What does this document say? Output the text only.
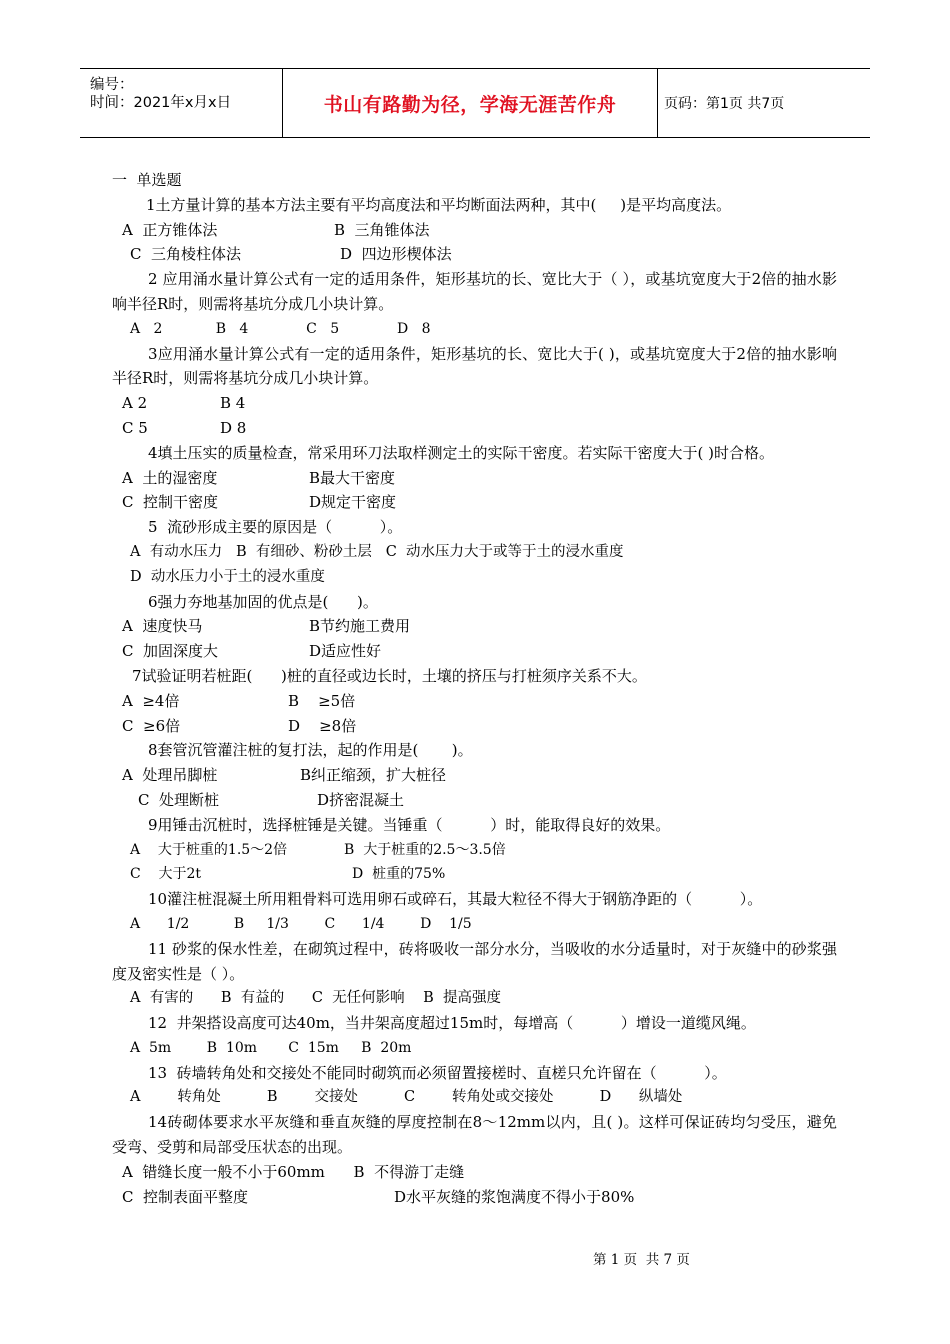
编号：
时间：2021年x月x日	书山有路勤为径，学海无涯苦作舟	页码：第1页 共7页
一  单选题
1土方量计算的基本方法主要有平均高度法和平均断面法两种，其中(     )是平均高度法。
A  正方锥体法	B  三角锥体法
C  三角棱柱体法	D  四边形楔体法
2 应用涌水量计算公式有一定的适用条件，矩形基坑的长、宽比大于（ ），或基坑宽度大于2倍的抽水影响半径R时，则需将基坑分成几小块计算。
A   2            B   4             C   5             D   8
3应用涌水量计算公式有一定的适用条件，矩形基坑的长、宽比大于( )，或基坑宽度大于2倍的抽水影响半径R时，则需将基坑分成几小块计算。
A 2	B 4
C 5	D 8
4填土压实的质量检查，常采用环刀法取样测定土的实际干密度。若实际干密度大于( )时合格。
A  土的湿密度	B最大干密度
C  控制干密度	D规定干密度
5  流砂形成主要的原因是（          ）。
A  有动水压力   B  有细砂、粉砂土层   C  动水压力大于或等于土的浸水重度
D  动水压力小于土的浸水重度
6强力夯地基加固的优点是(      )。
A  速度快马	B节约施工费用
C  加固深度大	D适应性好
7试验证明若桩距(      )桩的直径或边长时，土壤的挤压与打桩须序关系不大。
A  ≥4倍	B    ≥5倍
C  ≥6倍	D    ≥8倍
8套管沉管灌注桩的复打法，起的作用是(       )。
A  处理吊脚桩	B纠正缩颈，扩大桩径
C  处理断桩	D挤密混凝土
9用锤击沉桩时，选择桩锤是关键。当锤重（          ）时，能取得良好的效果。
A    大于桩重的1.5～2倍	B  大于桩重的2.5～3.5倍
C    大于2t	D  桩重的75%
10灌注桩混凝土所用粗骨料可选用卵石或碎石，其最大粒径不得大于钢筋净距的（          ）。
A      1/2          B     1/3        C      1/4        D    1/5
11 砂浆的保水性差，在砌筑过程中，砖将吸收一部分水分，当吸收的水分适量时，对于灰缝中的砂浆强度及密实性是（ ）。
A  有害的      B  有益的      C  无任何影响    B  提高强度
12  井架搭设高度可达40m，当井架高度超过15m时，每增高（          ）增设一道缆风绳。
A  5m        B  10m       C  15m     B  20m
13  砖墙转角处和交接处不能同时砌筑而必须留置接槎时、直槎只允许留在（          ）。
A        转角处          B        交接处          C        转角处或交接处          D      纵墙处
14砖砌体要求水平灰缝和垂直灰缝的厚度控制在8～12mm以内，且( )。这样可保证砖均匀受压，避免受弯、受剪和局部受压状态的出现。
A  错缝长度一般不小于60mm      B  不得游丁走缝
C  控制表面平整度	D水平灰缝的浆饱满度不得小于80%
第 1 页  共 7 页
